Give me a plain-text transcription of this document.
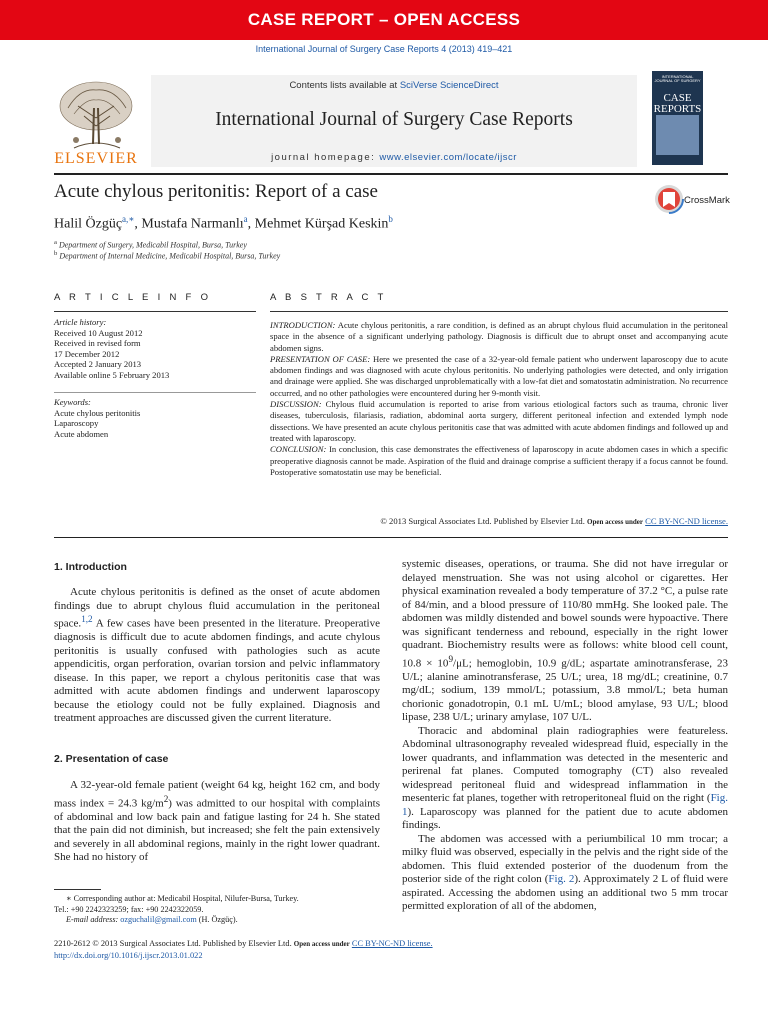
CASE REPORT – OPEN ACCESS
International Journal of Surgery Case Reports 4 (2013) 419–421
ELSEVIER
Contents lists available at SciVerse ScienceDirect
International Journal of Surgery Case Reports
journal homepage: www.elsevier.com/locate/ijscr
INTERNATIONAL JOURNAL OF SURGERY
CASE
REPORTS
Acute chylous peritonitis: Report of a case	CrossMark
Halil Özgüç$^{a,∗}$, Mustafa Narmanlı$^a$, Mehmet Kürşad Keskin$^b$
$^a$ Department of Surgery, Medicabil Hospital, Bursa, Turkey
$^b$ Department of Internal Medicine, Medicabil Hospital, Bursa, Turkey
A R T I C L E I N F O	A B S T R A C T
Article history:
Received 10 August 2012
Received in revised form
17 December 2012
Accepted 2 January 2013
Available online 5 February 2013
Keywords:
Acute chylous peritonitis
Laparoscopy
Acute abdomen
INTRODUCTION: Acute chylous peritonitis, a rare condition, is defined as an abrupt chylous fluid accumulation in the peritoneal space in the absence of a significant underlying pathology. Diagnosis is difficult due to abrupt onset and accompanying acute abdomen signs.
PRESENTATION OF CASE: Here we presented the case of a 32-year-old female patient who underwent laparoscopy due to acute abdomen findings and was diagnosed with acute chylous peritonitis. No underlying pathologies were detected, and only irrigation and drainage were applied. She was discharged unproblematically with a low-fat diet and somatostatin administration. No recurrence occurred, and no other pathologies were encountered during her 9-month visit.
DISCUSSION: Chylous fluid accumulation is reported to arise from various etiological factors such as trauma, chronic liver diseases, tuberculosis, filariasis, radiation, abdominal aorta surgery, different peritoneal infection and extended lymph node dissections. We have presented an acute chylous peritonitis case that was admitted with acute abdomen findings and followed up and treated with laparoscopy.
CONCLUSION: In conclusion, this case demonstrates the effectiveness of laparoscopy in acute abdomen cases in which a specific preoperative diagnosis cannot be made. Aspiration of the fluid and drainage comprise a sufficient therapy if a focus cannot be found. Postoperative somatostatin use may be beneficial.
© 2013 Surgical Associates Ltd. Published by Elsevier Ltd. Open access under CC BY-NC-ND license.
1. Introduction

Acute chylous peritonitis is defined as the onset of acute abdomen findings due to abrupt chylous fluid accumulation in the peritoneal space.$^{1,2}$ A few cases have been presented in the literature. Preoperative diagnosis is difficult due to acute abdomen findings, and acute chylous peritonitis is usually confused with pathologies such as acute appendicitis, organ perforation, ovarian torsion and pelvic inflammatory disease. In this paper, we report a chylous peritonitis case that was admitted with acute abdomen findings and underwent laparoscopy because the etiology could not be fully explained. Diagnosis and treatment approaches are discussed given the current literature.

2. Presentation of case

A 32-year-old female patient (weight 64 kg, height 162 cm, and body mass index = 24.3 $kg/m^2$) was admitted to our hospital with complaints of abdominal and low back pain and fatigue lasting for 24 h. She stated that the pain did not diminish, but increased; she felt the pain extensively and severely in all abdominal regions, mainly in the right lower quadrant. She had no history of

systemic diseases, operations, or trauma. She did not have irregular or delayed menstruation. She was not using alcohol or cigarettes. Her physical examination revealed a body temperature of 37.2 °C, a pulse rate of 84/min, and a blood pressure of 110/80 mmHg. She looked pale. The abdomen was mildly distended and bowel sounds were hypoactive. There was significant tenderness and rebound, especially in the right lower quadrant. Biochemistry results were as follows: white blood cell count, $10.8 \times 10^9/\mu L$; hemoglobin, 10.9 g/dL; aspartate aminotransferase, 23 U/L; alanine aminotransferase, 25 U/L; urea, 18 mg/dL; creatinine, 0.7 mg/dL; sodium, 139 mmol/L; potassium, 3.8 mmol/L; beta human chorionic gonadotropin, 0.1 mL U/mL; blood amylase, 93 U/L; blood lipase, 238 U/L; urinary amylase, 107 U/L.

Thoracic and abdominal plain radiographies were featureless. Abdominal ultrasonography revealed widespread fluid, especially in the lower quadrants, and inflammation was detected in the mesenteric and perirenal fat planes. Computed tomography (CT) also revealed widespread peritoneal fluid and widespread inflammation in the mesenteric fat planes, together with retroperitoneal fluid on the right (Fig. 1). Laparoscopy was planned for the patient due to acute abdomen findings.

The abdomen was accessed with a periumbilical 10 mm trocar; a milky fluid was observed, especially in the pelvis and the right side of the abdomen. This fluid extended posterior of the duodenum from the posterior side of the right colon (Fig. 2). Approximately 2 L of fluid were aspirated. Accessing the abdomen using an additional two 5 mm trocar permitted exploration of all of the abdomen,

∗ Corresponding author at: Medicabil Hospital, Nilufer-Bursa, Turkey.
Tel.: +90 2242323259; fax: +90 2242322059.
E-mail address: ozguchalil@gmail.com (H. Özgüç).
2210-2612 © 2013 Surgical Associates Ltd. Published by Elsevier Ltd. Open access under CC BY-NC-ND license.
http://dx.doi.org/10.1016/j.ijscr.2013.01.022
